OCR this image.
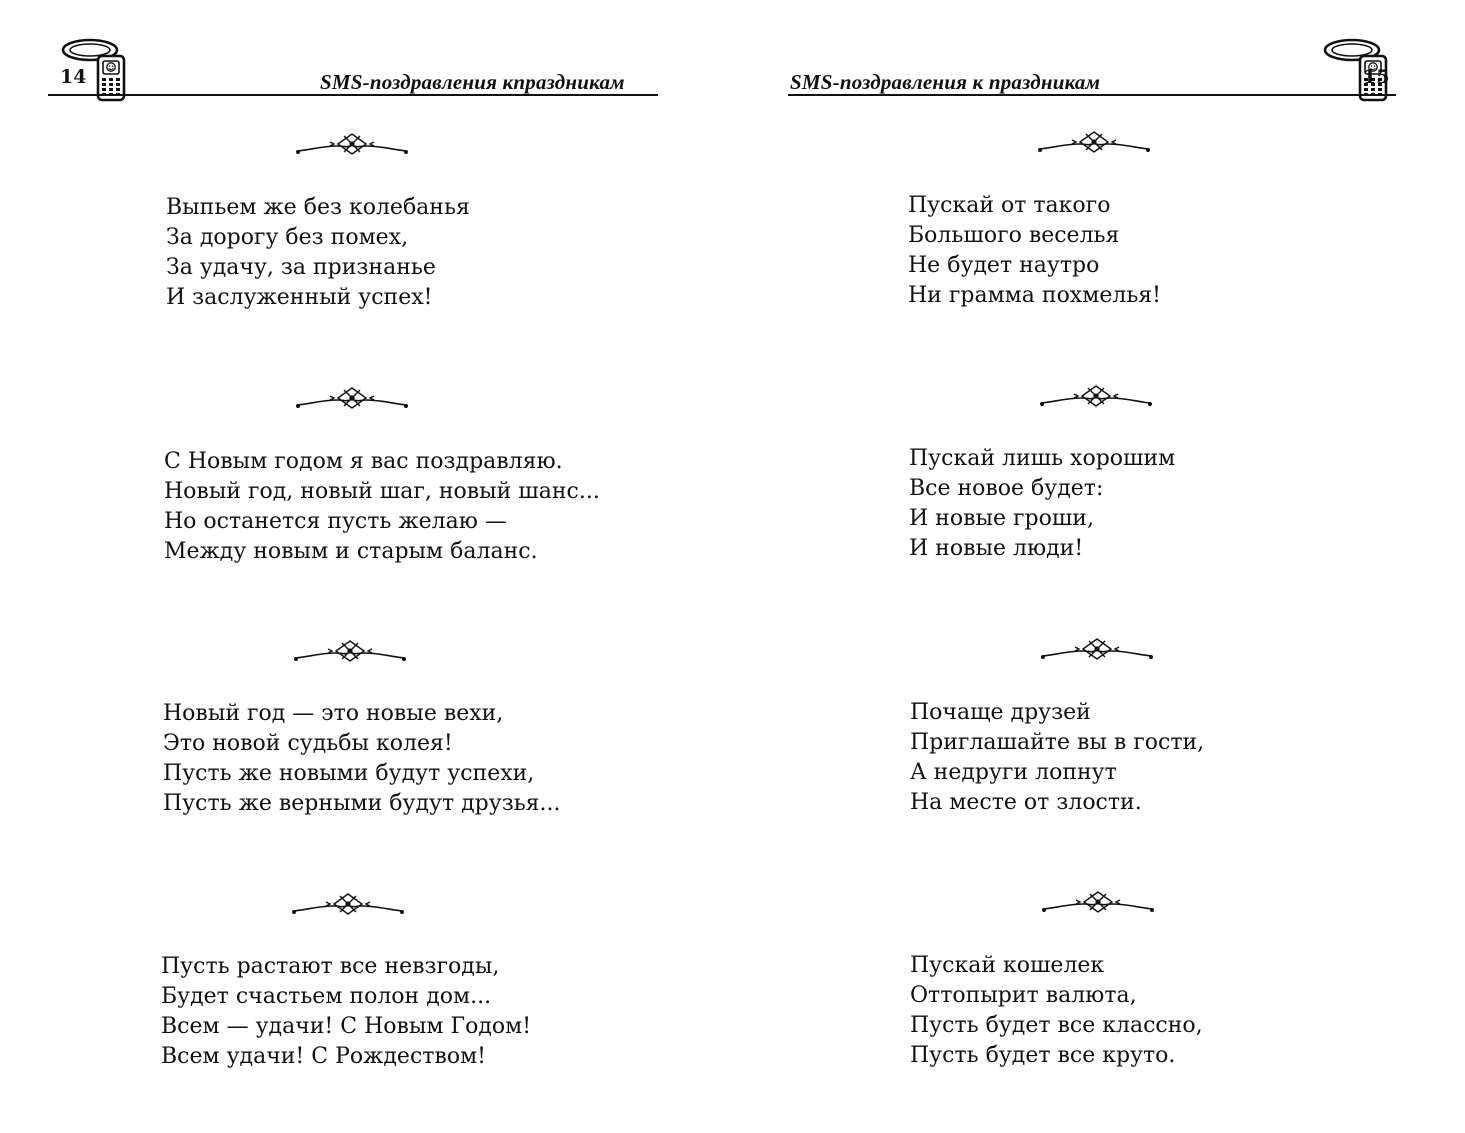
14	SMS-поздравления кпраздникам
Выпьем же без колебанья
За дорогу без помех,
За удачу, за признанье
И заслуженный успех!
С Новым годом я вас поздравляю.
Новый год, новый шаг, новый шанс...
Но останется пусть желаю —
Между новым и старым баланс.
Новый год — это новые вехи,
Это новой судьбы колея!
Пусть же новыми будут успехи,
Пусть же верными будут друзья...
Пусть растают все невзгоды,
Будет счастьем полон дом...
Всем — удачи! С Новым Годом!
Всем удачи! С Рождеством!
15
SMS-поздравления к праздникам
Пускай от такого
Большого веселья
Не будет наутро
Ни грамма похмелья!
Пускай лишь хорошим
Все новое будет:
И новые гроши,
И новые люди!
Почаще друзей
Приглашайте вы в гости,
А недруги лопнут
На месте от злости.
Пускай кошелек
Оттопырит валюта,
Пусть будет все классно,
Пусть будет все круто.
